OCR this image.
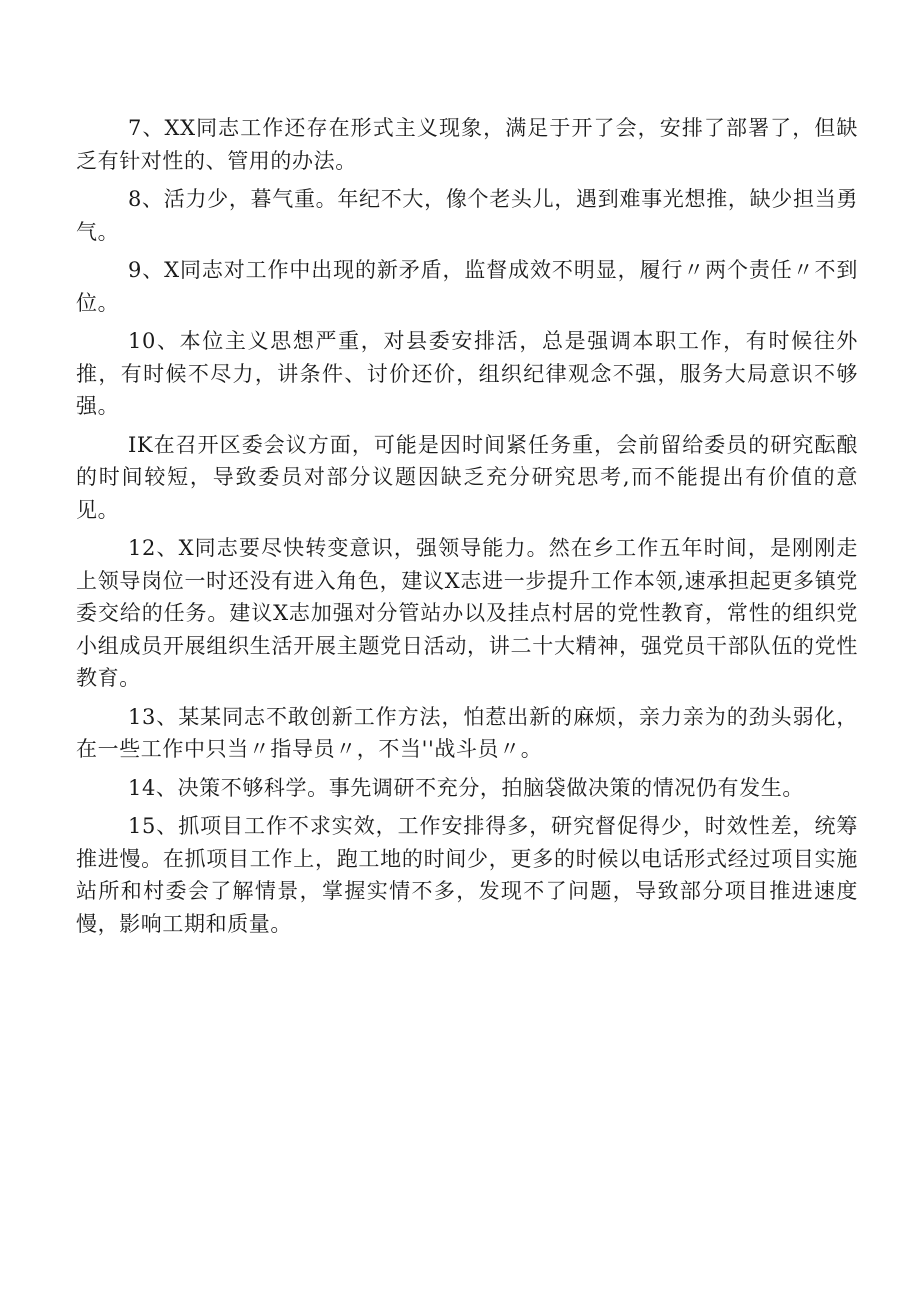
7、XX同志工作还存在形式主义现象，满足于开了会，安排了部署了，但缺乏有针对性的、管用的办法。

8、活力少，暮气重。年纪不大，像个老头儿，遇到难事光想推，缺少担当勇气。

9、X同志对工作中出现的新矛盾，监督成效不明显，履行〃两个责任〃不到位。

10、本位主义思想严重，对县委安排活，总是强调本职工作，有时候往外推，有时候不尽力，讲条件、讨价还价，组织纪律观念不强，服务大局意识不够强。

IK在召开区委会议方面，可能是因时间紧任务重，会前留给委员的研究酝酿的时间较短，导致委员对部分议题因缺乏充分研究思考,而不能提出有价值的意见。

12、X同志要尽快转变意识，强领导能力。然在乡工作五年时间，是刚刚走上领导岗位一时还没有进入角色，建议X志进一步提升工作本领,速承担起更多镇党委交给的任务。建议X志加强对分管站办以及挂点村居的党性教育，常性的组织党小组成员开展组织生活开展主题党日活动，讲二十大精神，强党员干部队伍的党性教育。

13、某某同志不敢创新工作方法，怕惹出新的麻烦，亲力亲为的劲头弱化，在一些工作中只当〃指导员〃，不当''战斗员〃。

14、决策不够科学。事先调研不充分，拍脑袋做决策的情况仍有发生。

15、抓项目工作不求实效，工作安排得多，研究督促得少，时效性差，统筹推进慢。在抓项目工作上，跑工地的时间少，更多的时候以电话形式经过项目实施站所和村委会了解情景，掌握实情不多，发现不了问题，导致部分项目推进速度慢，影响工期和质量。
